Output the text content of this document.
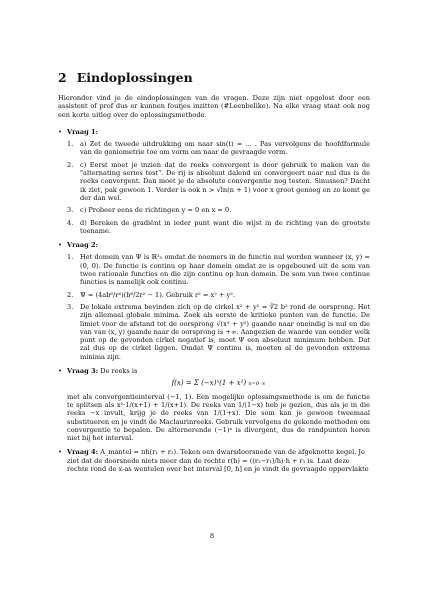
2 Eindoplossingen

Hieronder vind je de eindoplossingen van de vragen. Deze zijn niet opgelost door een assistent of prof dus er kunnen foutjes inzitten (#Leenbelike). Na elke vraag staat ook nog een korte uitleg over de oplossingsmethode.

• Vraag 1:
1. a) Zet de tweede uitdrukking om naar sin(t) = ... . Pas vervolgens de hoofdformule van de goniometrie toe om vorm om naar de gevraagde vorm.
2. c) Eerst moet je inzien dat de reeks convergent is door gebruik te maken van de "alternating series test". De rij is absoluut dalend en convergeert naar nul dus is de reeks convergent. Dan moet je de absolute convergentie nog testen. Sinussen? Dacht ik ziet, pak gewoon 1. Verder is ook n > √ln(n + 1) voor x groot genoeg en zo komt ge der dan wel.
3. c) Probeer eens de richtingen y = 0 en x = 0.
4. d) Bereken de gradiënt in ieder punt want die wijst in de richting van de grootste toename.
• Vraag 2:
1. Het domein van Ψ is ℝ²₀ omdat de noemers in de functie nul worden wanneer (x, y) = (0, 0). De functie is continu op haar domein omdat ze is opgebouwd uit de som van twee rationale functies en die zijn continu op hun domein. De som van twee continue functies is namelijk ook continu.
2. Ψ = (4ab⁶/r⁴)(b⁶/2r² − 1). Gebruik r² = x² + y².
3. De lokale extrema bevinden zich op de cirkel x² + y² = ∛2 b² rond de oorsprong. Het zijn allemaal globale minima. Zoek als eerste de kritieke punten van de functie. De limiet voor de afstand tot de oorsprong √(x² + y²) gaande naar oneindig is nul en die van van (x, y) gaande naar de oorsprong is +∞. Aangezien de waarde van eender welk punt op de gevonden cirkel negatief is, moet Ψ een absoluut minimum hebben. Dat zal dus op de cirkel liggen. Omdat Ψ continu is, moeten al de gevonden extrema minima zijn.
• Vraag 3: De reeks is
f(x) = Σ (−x)ⁿ(1 + x²) n=0 ∞
met als convergentieinterval (−1, 1). Een mogelijke oplossingsmethode is om de functie te splitsen als x²·1/(x+1) + 1/(x+1). De reeks van 1/(1−x) heb je gezien, dus als je in die reeks −x invult, krijg je de reeks van 1/(1+x). Die som kan je gewoon tweemaal substitueren en je vindt de Maclaurinreeks. Gebruik vervolgens de gekende methoden om convergentie te bepalen. De alternerende (−1)ⁿ is divergent, dus de randpunten horen niet bij het interval.
• Vraag 4: A_mantel = πh(r₁ + r₂). Teken een dwarsdoorsnede van de afgeknotte kegel. Je ziet dat de doorsnede niets meer dan de rechte r(h) = ((r₂−r₁)/h)·h + r₁ is. Laat deze rechte rond de x-as wentelen over het interval [0, h] en je vindt de gevraagde oppervlakte
8
